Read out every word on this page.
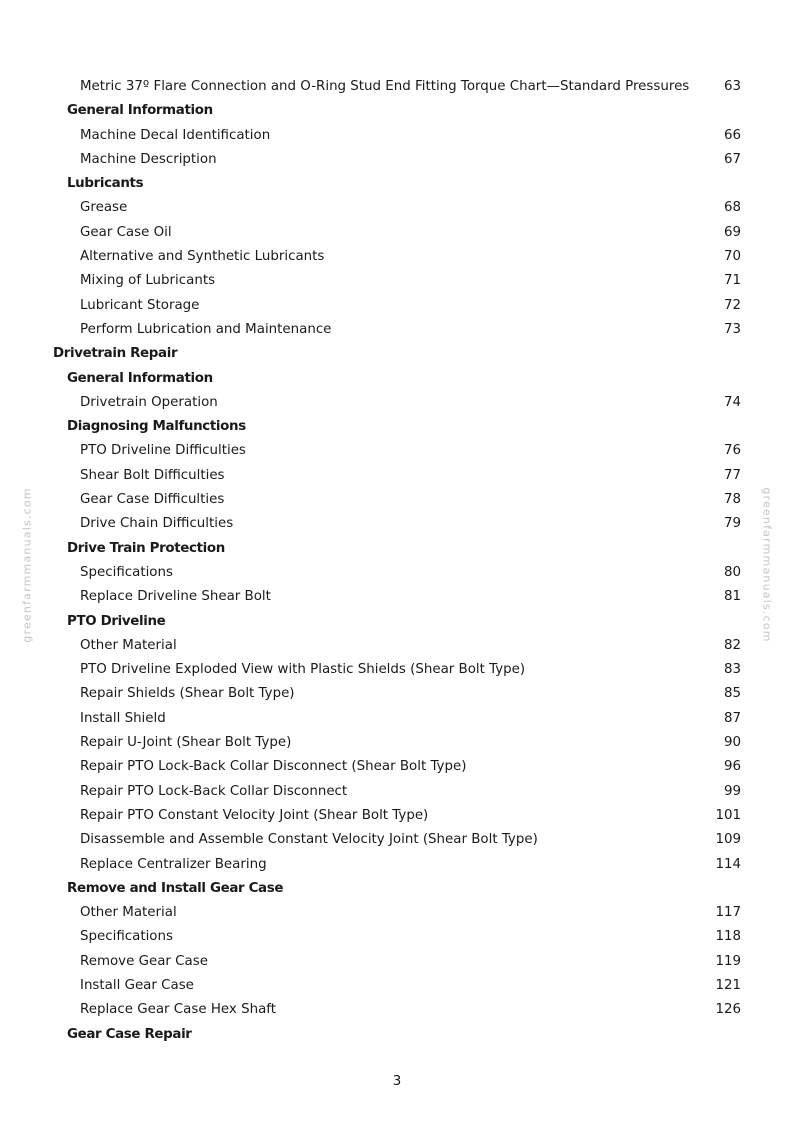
greenfarmmanuals.com	greenfarmmanuals.com
Metric 37º Flare Connection and O-Ring Stud End Fitting Torque Chart—Standard Pressures	63
General Information
Machine Decal Identification	66
Machine Description	67
Lubricants
Grease	68
Gear Case Oil	69
Alternative and Synthetic Lubricants	70
Mixing of Lubricants	71
Lubricant Storage	72
Perform Lubrication and Maintenance	73
Drivetrain Repair
General Information
Drivetrain Operation	74
Diagnosing Malfunctions
PTO Driveline Difficulties	76
Shear Bolt Difficulties	77
Gear Case Difficulties	78
Drive Chain Difficulties	79
Drive Train Protection
Specifications	80
Replace Driveline Shear Bolt	81
PTO Driveline
Other Material	82
PTO Driveline Exploded View with Plastic Shields (Shear Bolt Type)	83
Repair Shields (Shear Bolt Type)	85
Install Shield	87
Repair U-Joint (Shear Bolt Type)	90
Repair PTO Lock-Back Collar Disconnect (Shear Bolt Type)	96
Repair PTO Lock-Back Collar Disconnect	99
Repair PTO Constant Velocity Joint (Shear Bolt Type)	101
Disassemble and Assemble Constant Velocity Joint (Shear Bolt Type)	109
Replace Centralizer Bearing	114
Remove and Install Gear Case
Other Material	117
Specifications	118
Remove Gear Case	119
Install Gear Case	121
Replace Gear Case Hex Shaft	126
Gear Case Repair
3
